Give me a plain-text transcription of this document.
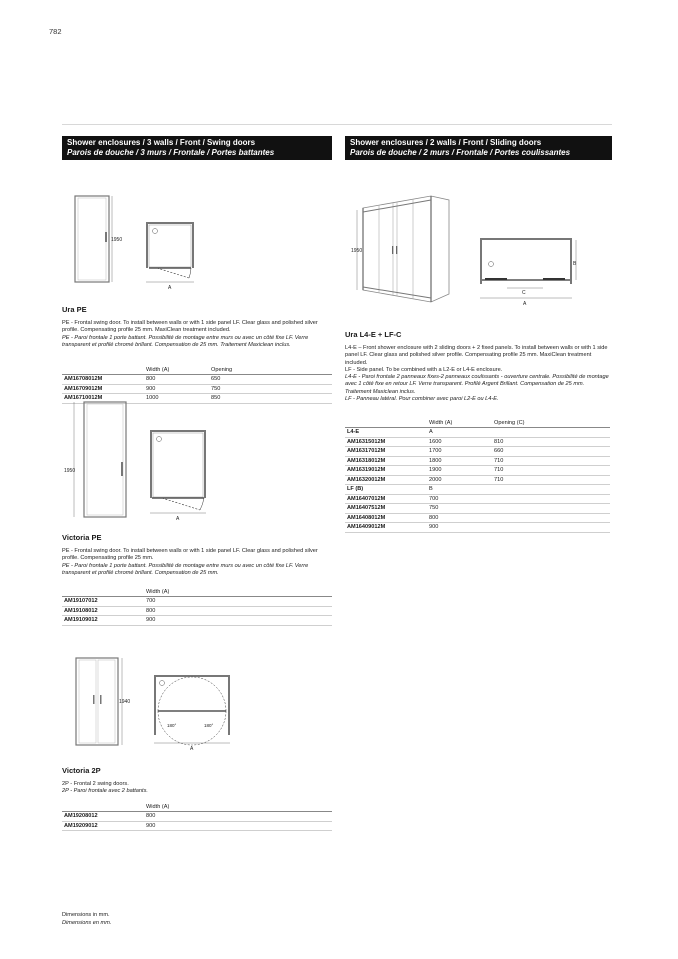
782
Shower enclosures / 3 walls / Front / Swing doors
Parois de douche / 3 murs / Frontale / Portes battantes
1950
A
Ura PE
PE - Frontal swing door. To install between walls or with 1 side panel LF. Clear glass and polished silver profile. Compensating profile 25 mm. MaxiClean treatment included.
PE - Paroi frontale 1 porte battant. Possibilité de montage entre murs ou avec un côté fixe LF. Verre transparent et profilé chromé brillant. Compensation de 25 mm. Traitement Maxiclean inclus.
	Width (A)	Opening
AM16708012M	800	650
AM16709012M	900	750
AM16710012M	1000	850
1950
A
Victoria PE
PE - Frontal swing door. To install between walls or with 1 side panel LF. Clear glass and polished silver profile. Compensating profile 25 mm.
PE - Paroi frontale 1 porte battant. Possibilité de montage entre murs ou avec un côté fixe LF. Verre transparent et profilé chromé brillant. Compensation de 25 mm.
	Width (A)
AM19107012	700
AM19108012	800
AM19109012	900
1940
180°	180°
A
Victoria 2P
2P - Frontal 2 swing doors.
2P - Paroi frontale avec 2 battants.
	Width (A)
AM19208012	800
AM19209012	900
Shower enclosures / 2 walls / Front / Sliding doors
Parois de douche / 2 murs / Frontale / Portes coulissantes
1950
B
C
A
Ura L4-E + LF-C
L4-E – Front shower enclosure with 2 sliding doors + 2 fixed panels. To install between walls or with 1 side panel LF. Clear glass and polished silver profile. Compensating profile 25 mm. MaxiClean treatment included.
LF - Side panel. To be combined with a L2-E or L4-E enclosure.
L4-E - Paroi frontale 2 panneaux fixes-2 panneaux coulissants - ouverture centrale. Possibilité de montage avec 1 côté fixe en retour LF. Verre transparent. Profilé Argent Brillant. Compensation de 25 mm. Traitement Maxiclean inclus.
LF - Panneau latéral. Pour combiner avec paroi L2-E ou L4-E.
	Width (A)	Opening (C)
L4-E	A	
AM16315012M	1600	810
AM16317012M	1700	660
AM16318012M	1800	710
AM16319012M	1900	710
AM16320012M	2000	710
LF (B)	B	
AM16407012M	700	
AM16407512M	750	
AM16408012M	800	
AM16409012M	900	
Dimensions in mm.
Dimensions en mm.
